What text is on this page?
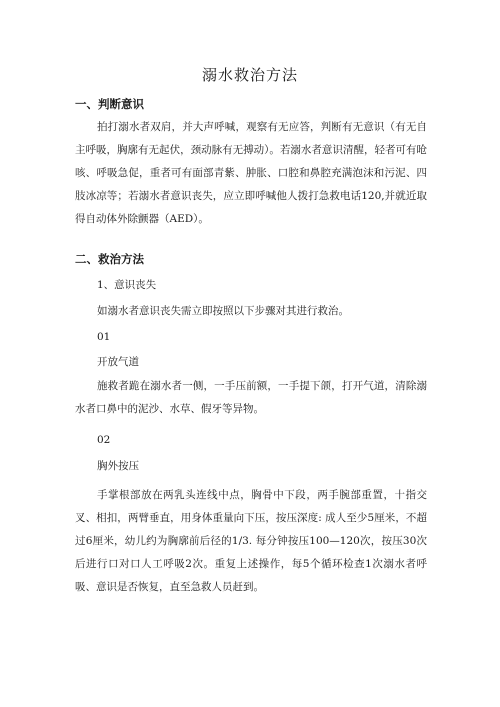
溺水救治方法
一、判断意识

拍打溺水者双肩，并大声呼喊，观察有无应答，判断有无意识（有无自主呼吸，胸廓有无起伏，颈动脉有无搏动）。若溺水者意识清醒，轻者可有呛咳、呼吸急促，重者可有面部青紫、肿胀、口腔和鼻腔充满泡沫和污泥、四肢冰凉等；若溺水者意识丧失，应立即呼喊他人拨打急救电话120,并就近取得自动体外除颤器（AED）。

二、救治方法
1、意识丧失
如溺水者意识丧失需立即按照以下步骤对其进行救治。
01
开放气道

施救者跪在溺水者一侧，一手压前额，一手提下颌，打开气道，清除溺水者口鼻中的泥沙、水草、假牙等异物。

02
胸外按压

手掌根部放在两乳头连线中点，胸骨中下段，两手腕部重置，十指交叉、相扣，两臂垂直，用身体重量向下压，按压深度: 成人至少5厘米，不超过6厘米，幼儿约为胸廓前后径的1/3. 每分钟按压100—120次，按压30次后进行口对口人工呼吸2次。重复上述操作，每5个循环检查1次溺水者呼吸、意识是否恢复，直至急救人员赶到。
